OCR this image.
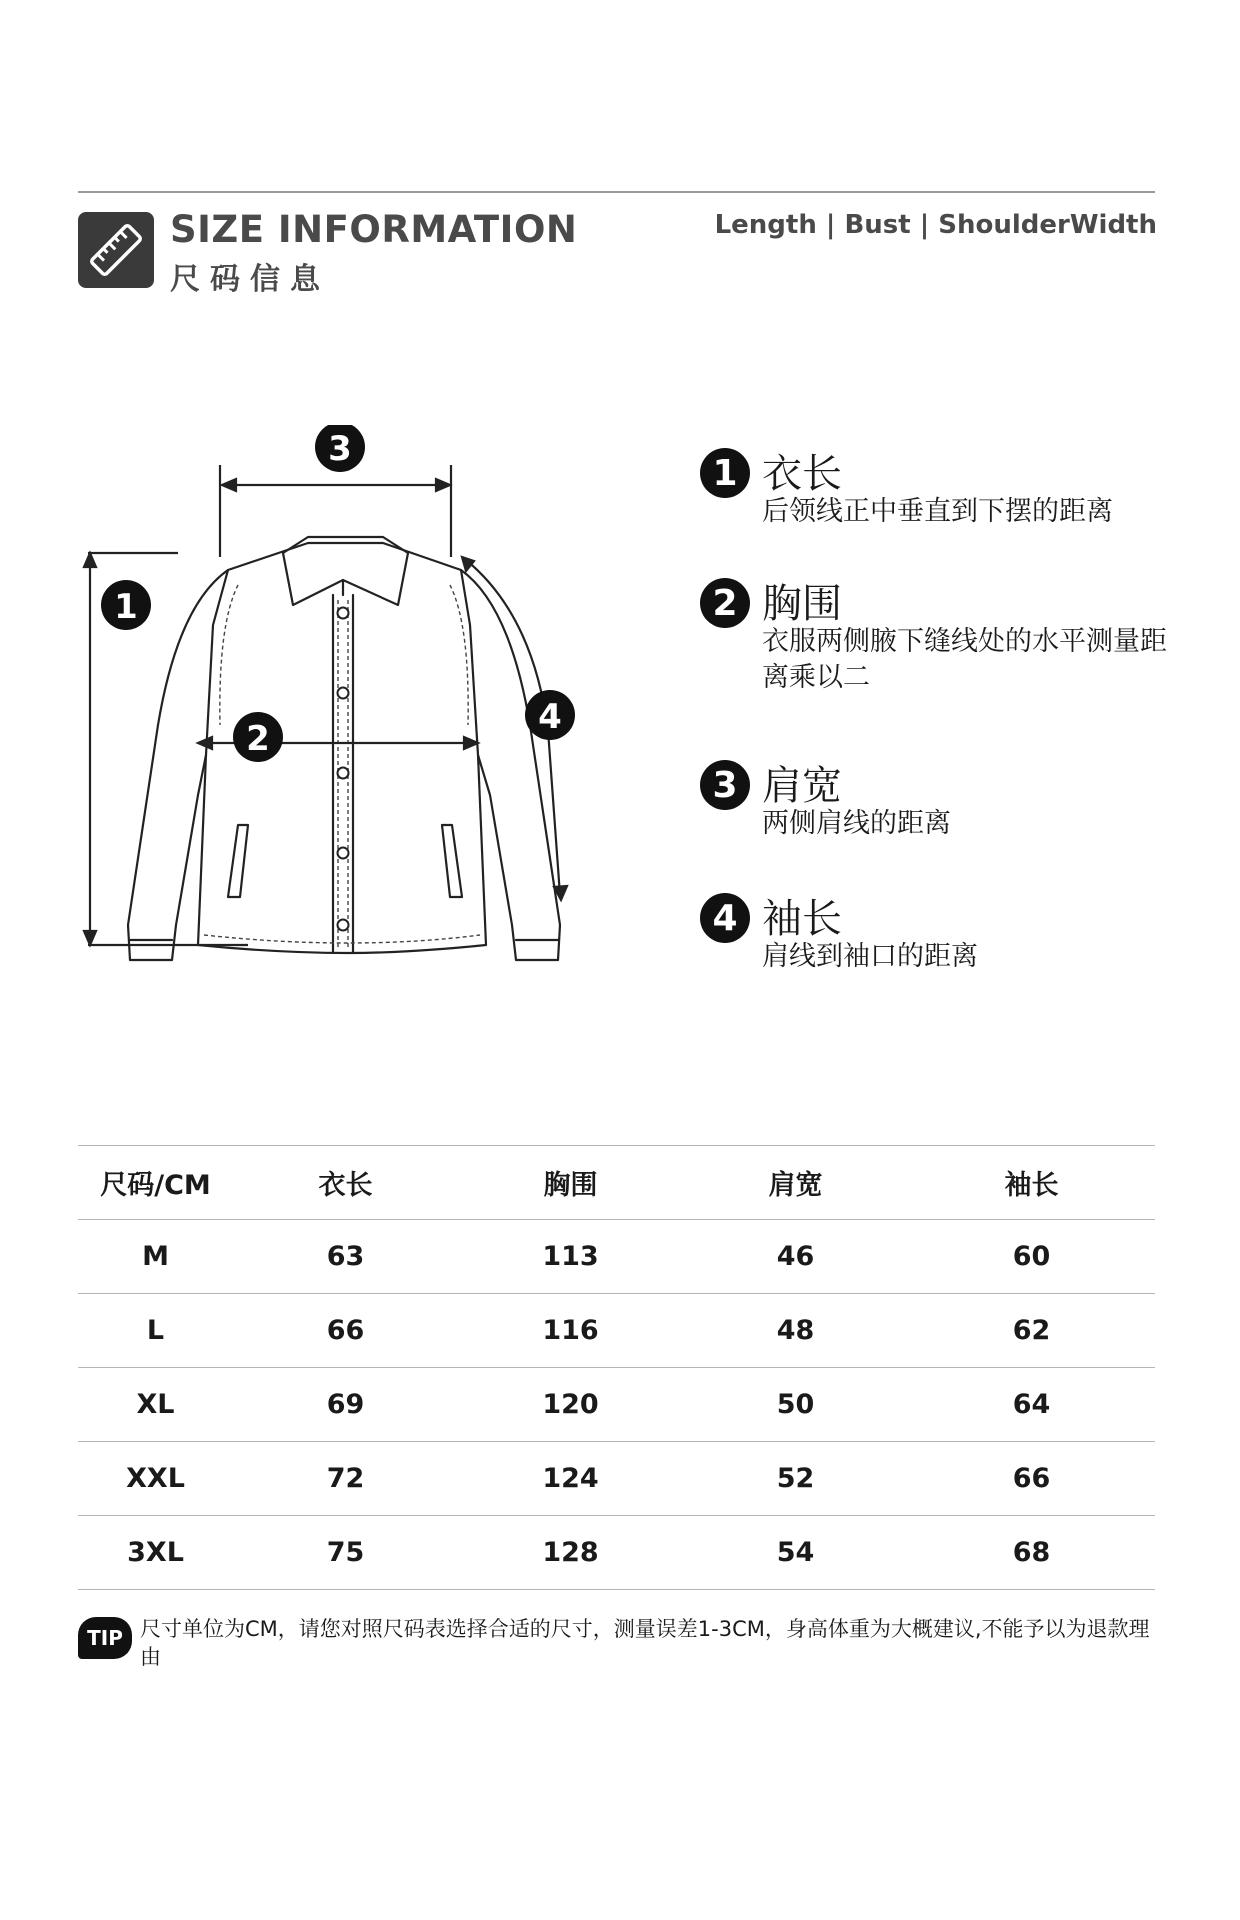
SIZE INFORMATION
尺码信息
Length | Bust | ShoulderWidth
1
2
3
4
1 衣长
后领线正中垂直到下摆的距离
2 胸围
衣服两侧腋下缝线处的水平测量距离乘以二
3 肩宽
两侧肩线的距离
4 袖长
肩线到袖口的距离
尺码/CM	衣长	胸围	肩宽	袖长
M	63	113	46	60
L	66	116	48	62
XL	69	120	50	64
XXL	72	124	52	66
3XL	75	128	54	68
TIP 尺寸单位为CM，请您对照尺码表选择合适的尺寸，测量误差1-3CM，身高体重为大概建议,不能予以为退款理由
